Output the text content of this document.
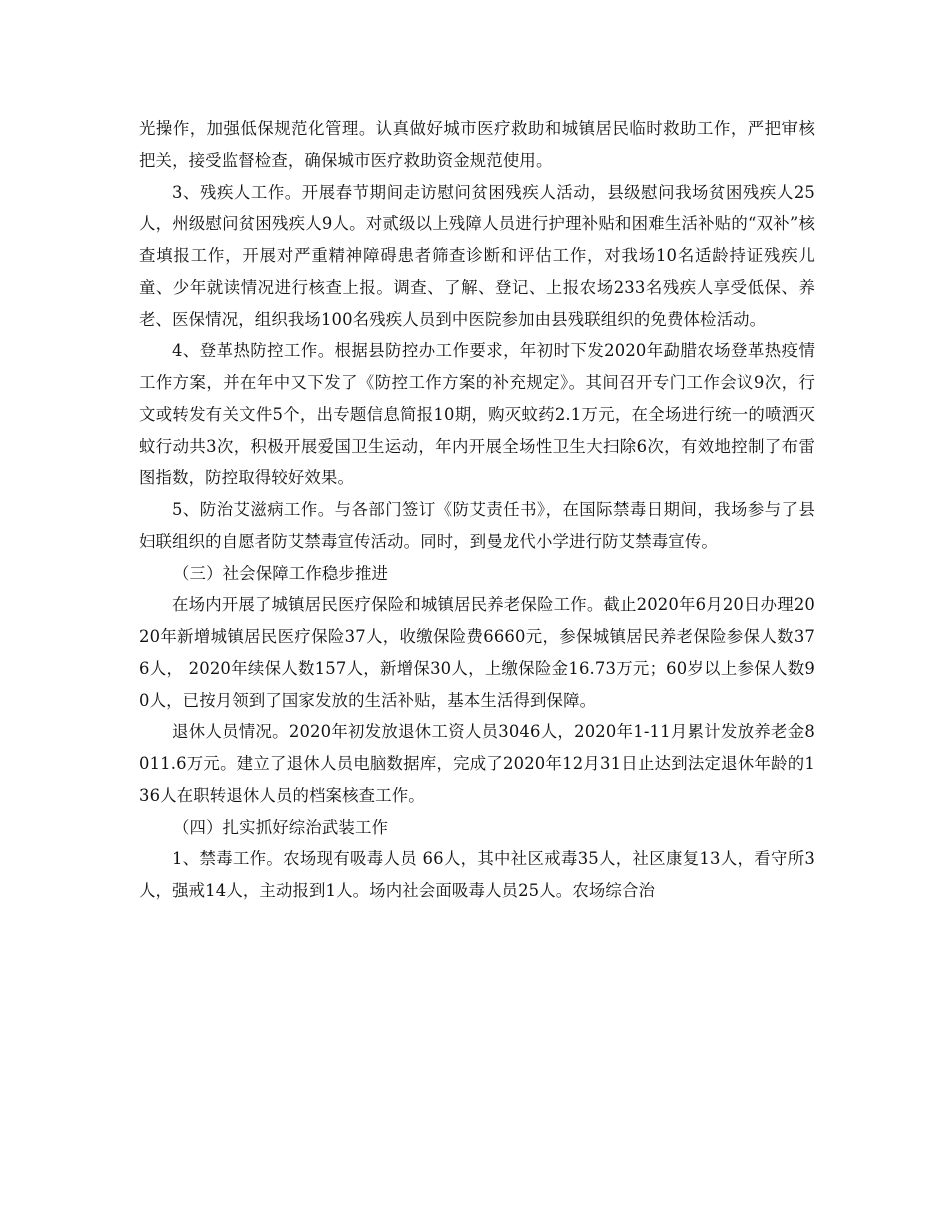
光操作，加强低保规范化管理。认真做好城市医疗救助和城镇居民临时救助工作，严把审核把关，接受监督检查，确保城市医疗救助资金规范使用。

3、残疾人工作。开展春节期间走访慰问贫困残疾人活动，县级慰问我场贫困残疾人25人，州级慰问贫困残疾人9人。对贰级以上残障人员进行护理补贴和困难生活补贴的“双补”核查填报工作，开展对严重精神障碍患者筛查诊断和评估工作，对我场10名适龄持证残疾儿童、少年就读情况进行核查上报。调查、了解、登记、上报农场233名残疾人享受低保、养老、医保情况，组织我场100名残疾人员到中医院参加由县残联组织的免费体检活动。

4、登革热防控工作。根据县防控办工作要求，年初时下发2020年勐腊农场登革热疫情工作方案，并在年中又下发了《防控工作方案的补充规定》。其间召开专门工作会议9次，行文或转发有关文件5个，出专题信息简报10期，购灭蚊药2.1万元，在全场进行统一的喷洒灭蚊行动共3次，积极开展爱国卫生运动，年内开展全场性卫生大扫除6次，有效地控制了布雷图指数，防控取得较好效果。

5、防治艾滋病工作。与各部门签订《防艾责任书》，在国际禁毒日期间，我场参与了县妇联组织的自愿者防艾禁毒宣传活动。同时，到曼龙代小学进行防艾禁毒宣传。

（三）社会保障工作稳步推进

在场内开展了城镇居民医疗保险和城镇居民养老保险工作。截止2020年6月20日办理2020年新增城镇居民医疗保险37人，收缴保险费6660元，参保城镇居民养老保险参保人数376人， 2020年续保人数157人，新增保30人，上缴保险金16.73万元；60岁以上参保人数90人，已按月领到了国家发放的生活补贴，基本生活得到保障。

退休人员情况。2020年初发放退休工资人员3046人，2020年1-11月累计发放养老金8011.6万元。建立了退休人员电脑数据库，完成了2020年12月31日止达到法定退休年龄的136人在职转退休人员的档案核查工作。

（四）扎实抓好综治武装工作

1、禁毒工作。农场现有吸毒人员 66人，其中社区戒毒35人，社区康复13人，看守所3人，强戒14人，主动报到1人。场内社会面吸毒人员25人。农场综合治
